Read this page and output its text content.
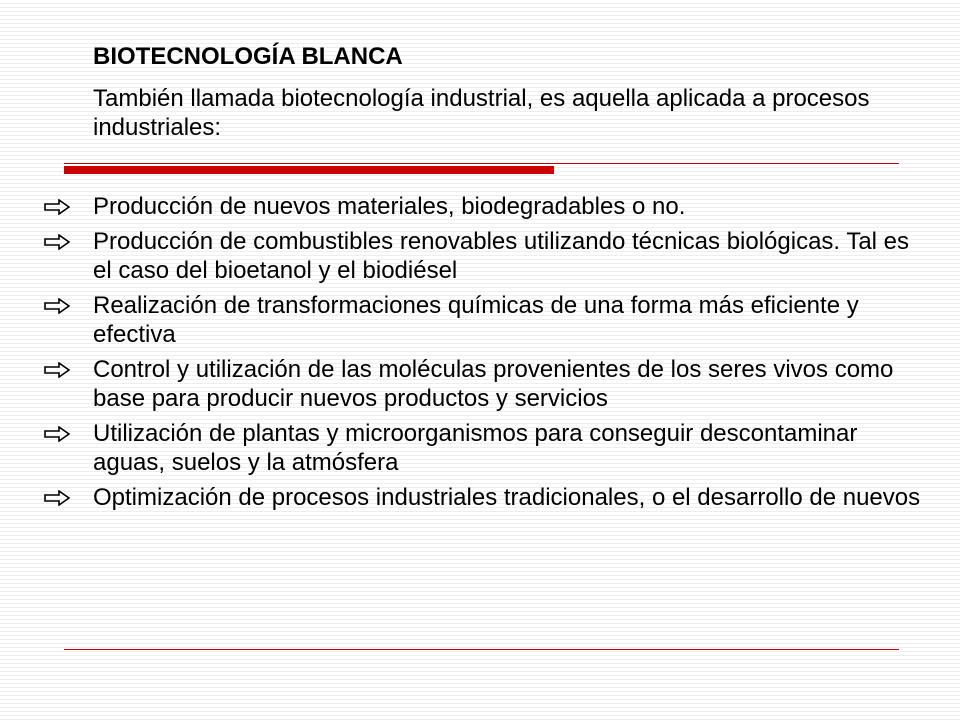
BIOTECNOLOGÍA BLANCA
También llamada biotecnología industrial, es aquella aplicada a procesos industriales:
Producción de nuevos materiales, biodegradables o no.
Producción de combustibles renovables utilizando técnicas biológicas. Tal es el caso del bioetanol y el biodiésel
Realización de transformaciones químicas de una forma más eficiente y efectiva
Control y utilización de las moléculas provenientes de los seres vivos como base para producir nuevos productos y servicios
Utilización de plantas y microorganismos para conseguir descontaminar aguas, suelos y la atmósfera
Optimización de procesos industriales tradicionales, o el desarrollo de nuevos
